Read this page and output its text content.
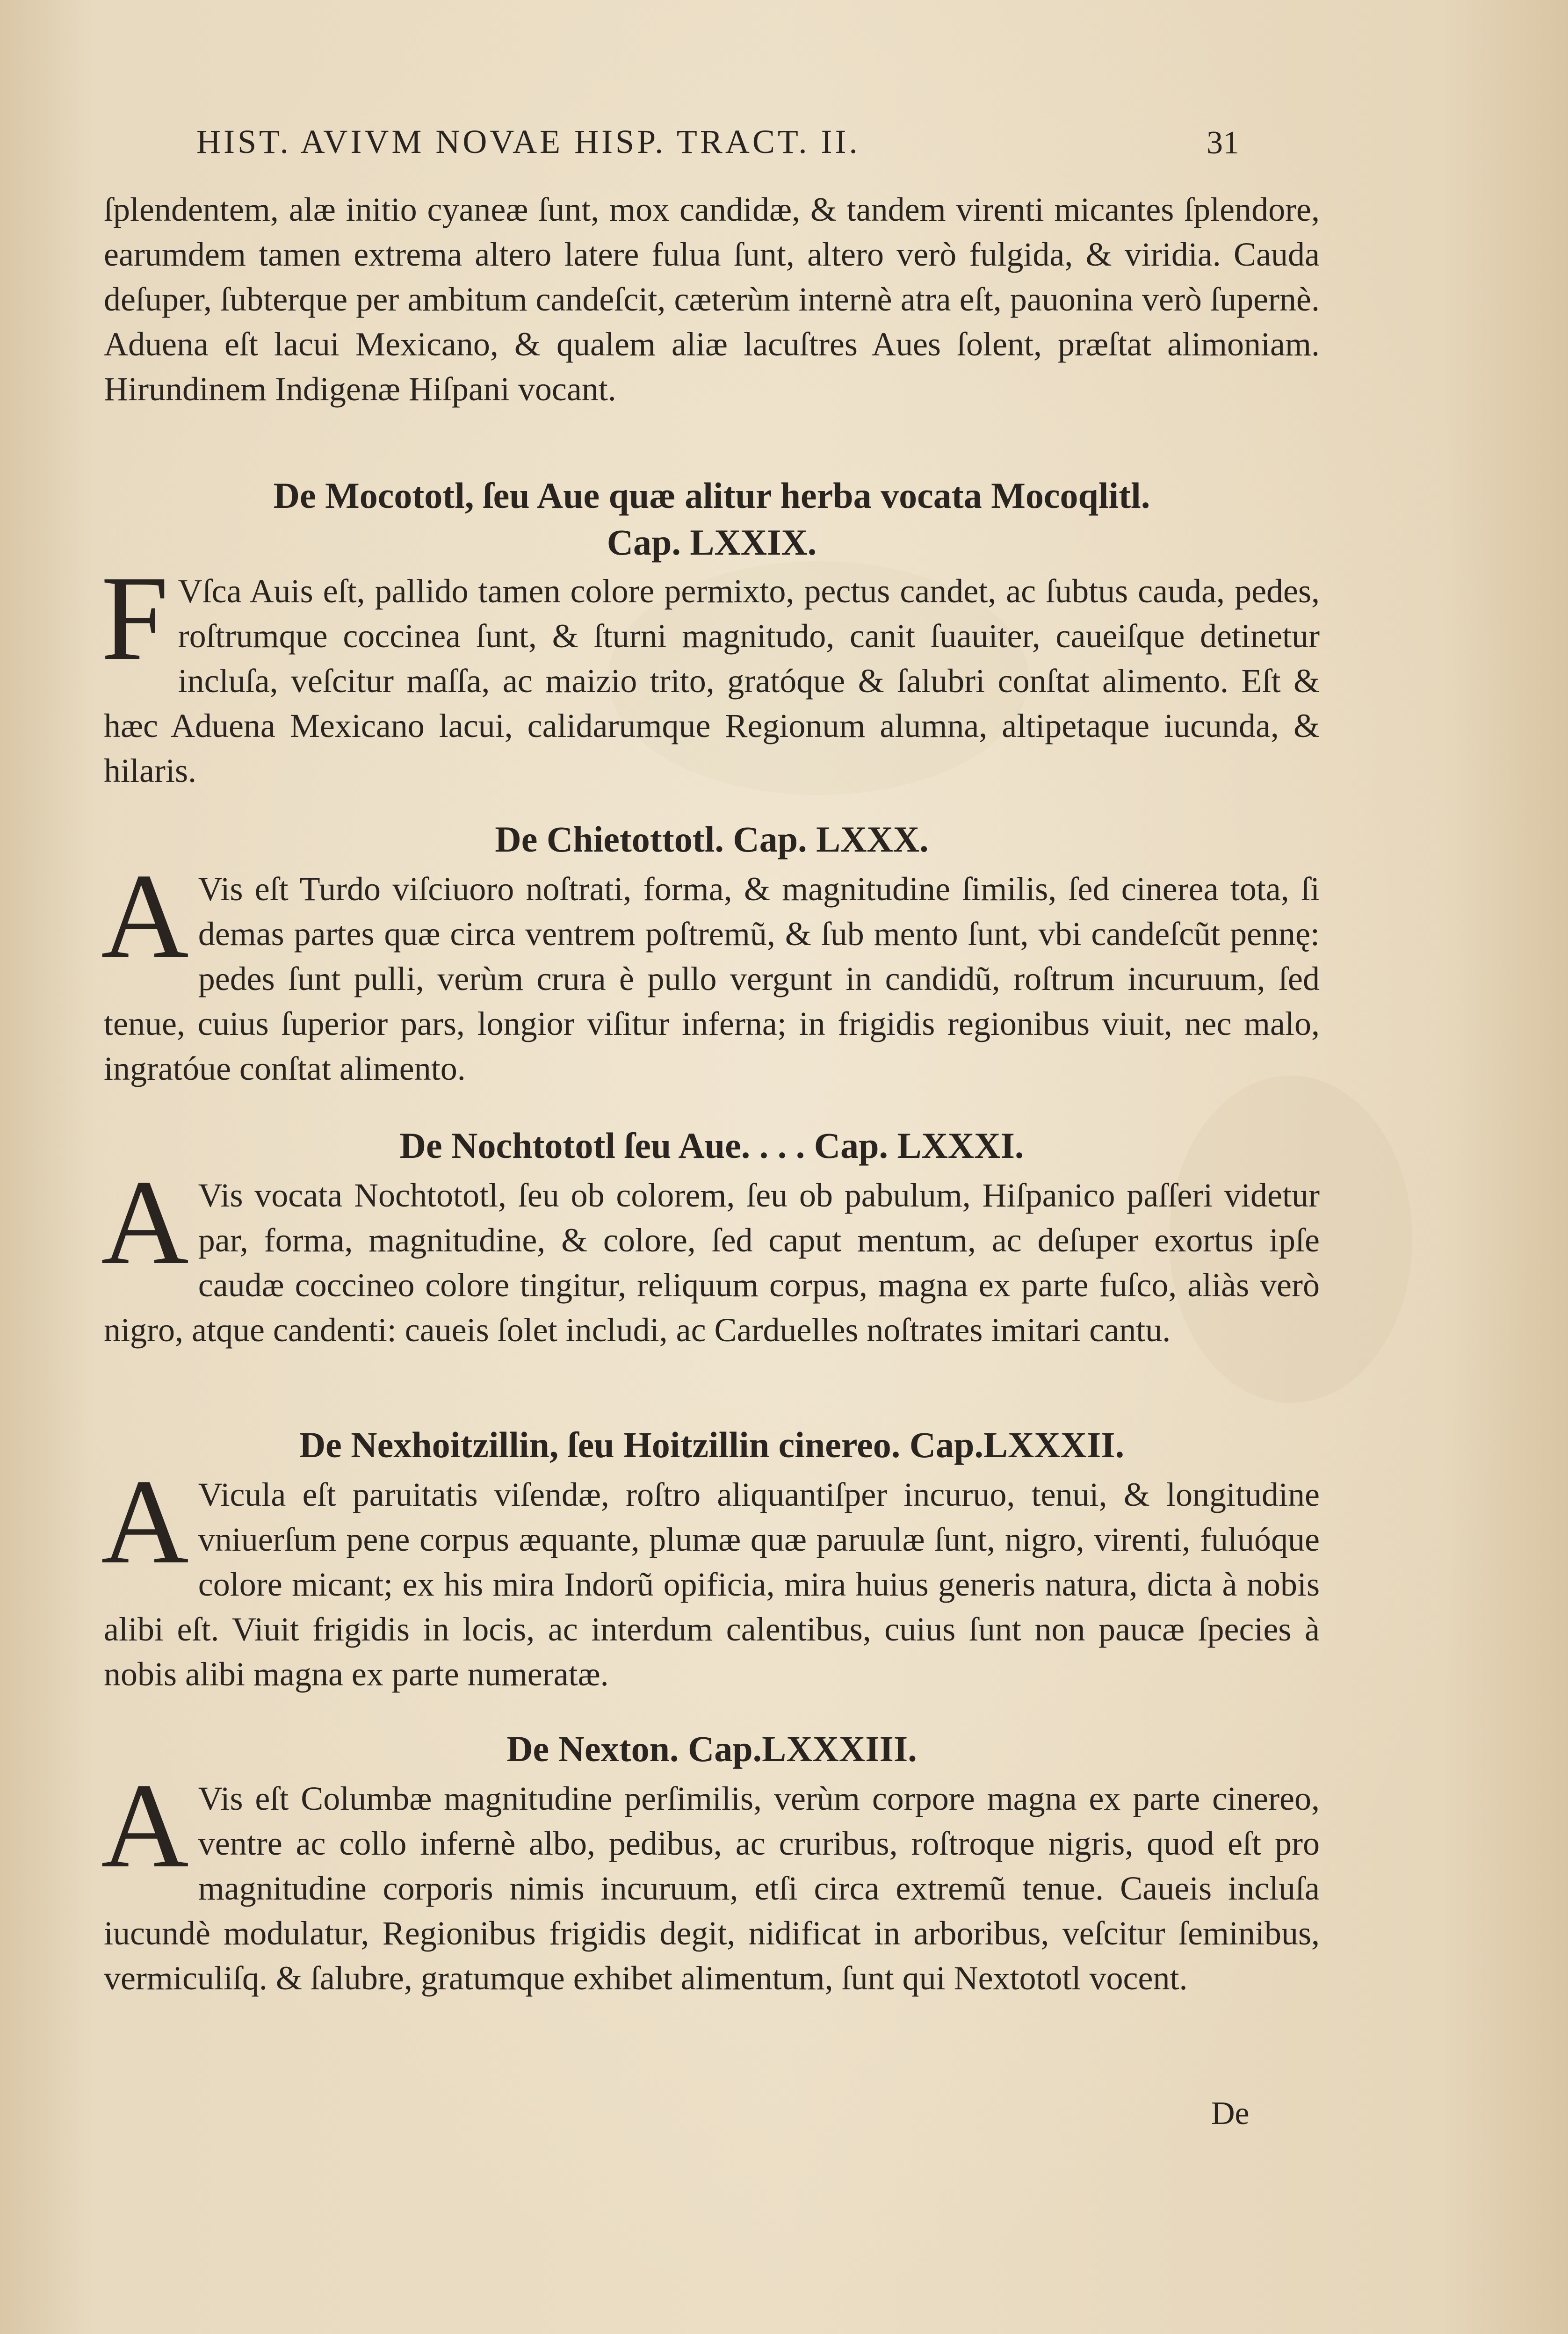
HIST. AVIVM NOVAE HISP. TRACT. II.	31

ſplendentem, alæ initio cyaneæ ſunt, mox candidæ, & tandem virenti micantes ſplendore, earumdem tamen extrema altero latere fulua ſunt, altero verò fulgida, & viridia. Cauda deſuper, ſubterque per ambitum candeſcit, cæterùm internè atra eſt, pauonina verò ſupernè. Aduena eſt lacui Mexicano, & qualem aliæ lacuſtres Aues ſolent, præſtat alimoniam. Hirundinem Indigenæ Hiſpani vocant.

De Mocototl, ſeu Aue quæ alitur herba vocata Mocoqlitl.

Cap. LXXIX.

F Vſca Auis eſt, pallido tamen colore permixto, pectus candet, ac ſubtus cauda, pedes, roſtrumque coccinea ſunt, & ſturni magnitudo, canit ſuauiter, caueiſque detinetur incluſa, veſcitur maſſa, ac maizio trito, gratóque & ſalubri conſtat alimento. Eſt & hæc Aduena Mexicano lacui, calidarumque Regionum alumna, altipetaque iucunda, & hilaris.

De Chietottotl. Cap. LXXX.

A Vis eſt Turdo viſciuoro noſtrati, forma, & magnitudine ſimilis, ſed cinerea tota, ſi demas partes quæ circa ventrem poſtremũ, & ſub mento ſunt, vbi candeſcũt pennę: pedes ſunt pulli, verùm crura è pullo vergunt in candidũ, roſtrum incuruum, ſed tenue, cuius ſuperior pars, longior viſitur inferna; in frigidis regionibus viuit, nec malo, ingratóue conſtat alimento.

De Nochtototl ſeu Aue. . . . Cap. LXXXI.

A Vis vocata Nochtototl, ſeu ob colorem, ſeu ob pabulum, Hiſpanico paſſeri videtur par, forma, magnitudine, & colore, ſed caput mentum, ac deſuper exortus ipſe caudæ coccineo colore tingitur, reliquum corpus, magna ex parte fuſco, aliàs verò nigro, atque candenti: caueis ſolet includi, ac Carduelles noſtrates imitari cantu.

De Nexhoitzillin, ſeu Hoitzillin cinereo. Cap.LXXXII.

A Vicula eſt paruitatis viſendæ, roſtro aliquantiſper incuruo, tenui, & longitudine vniuerſum pene corpus æquante, plumæ quæ paruulæ ſunt, nigro, virenti, fuluóque colore micant; ex his mira Indorũ opificia, mira huius generis natura, dicta à nobis alibi eſt. Viuit frigidis in locis, ac interdum calentibus, cuius ſunt non paucæ ſpecies à nobis alibi magna ex parte numeratæ.

De Nexton. Cap.LXXXIII.

A Vis eſt Columbæ magnitudine perſimilis, verùm corpore magna ex parte cinereo, ventre ac collo infernè albo, pedibus, ac cruribus, roſtroque nigris, quod eſt pro magnitudine corporis nimis incuruum, etſi circa extremũ tenue. Caueis incluſa iucundè modulatur, Regionibus frigidis degit, nidificat in arboribus, veſcitur ſeminibus, vermiculiſq. & ſalubre, gratumque exhibet alimentum, ſunt qui Nextototl vocent.

De
